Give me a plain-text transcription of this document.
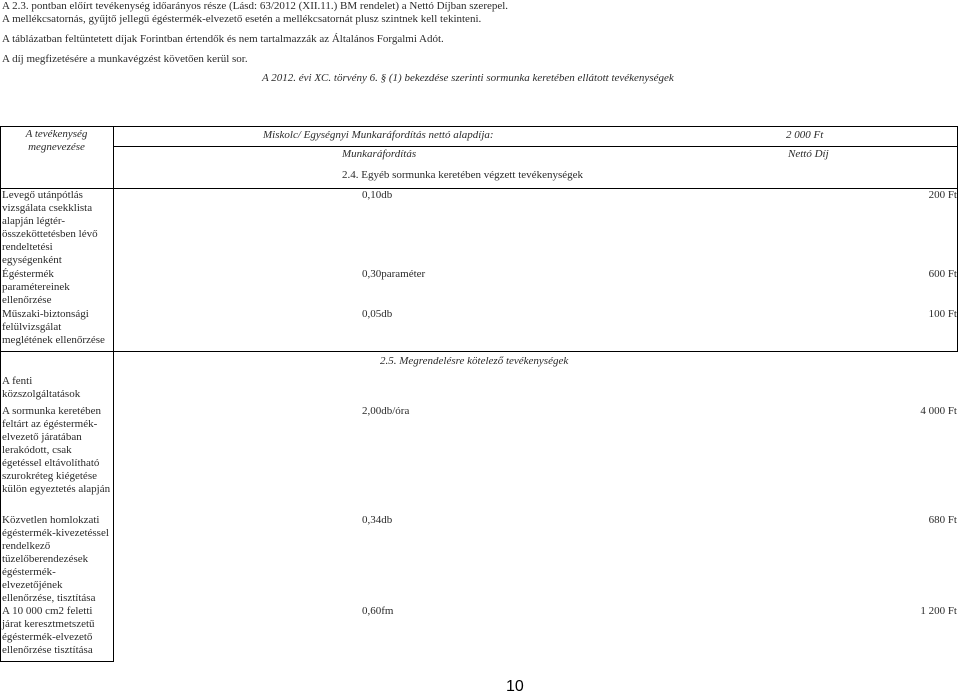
A 2.3. pontban előírt tevékenység időarányos része (Lásd: 63/2012 (XII.11.) BM rendelet) a Nettó Díjban szerepel.
A mellékcsatornás, gyűjtő jellegű égéstermék-elvezető esetén a mellékcsatornát plusz szintnek kell tekinteni.
A táblázatban feltüntetett díjak Forintban értendők és nem tartalmazzák az Általános Forgalmi Adót.
A díj megfizetésére a munkavégzést követően kerül sor.
A 2012. évi XC. törvény 6. § (1) bekezdése szerinti sormunka keretében ellátott tevékenységek
A tevékenység megnevezése
Miskolc/ Egységnyi Munkaráfordítás nettó alapdíja:	2 000 Ft
Munkaráfordítás	Nettó Díj
2.4. Egyéb sormunka keretében végzett tevékenységek
Levegő utánpótlás vizsgálata csekklista alapján légtér-összeköttetésben lévő rendeltetési egységenként
0,10db	200 Ft
Égéstermék paramétereinek ellenőrzése
0,30paraméter	600 Ft
Műszaki-biztonsági felülvizsgálat meglétének ellenőrzése
0,05db	100 Ft
2.5. Megrendelésre kötelező tevékenységek
A fenti közszolgáltatások
A sormunka keretében feltárt az égéstermék-elvezető járatában lerakódott, csak égetéssel eltávolítható szurokréteg kiégetése külön egyeztetés alapján
2,00db/óra	4 000 Ft
Közvetlen homlokzati égéstermék-kivezetéssel rendelkező tüzelőberendezések égéstermék-elvezetőjének ellenőrzése, tisztítása
0,34db	680 Ft
A 10 000 cm2 feletti járat keresztmetszetű égéstermék-elvezető ellenőrzése tisztítása
0,60fm	1 200 Ft
10
